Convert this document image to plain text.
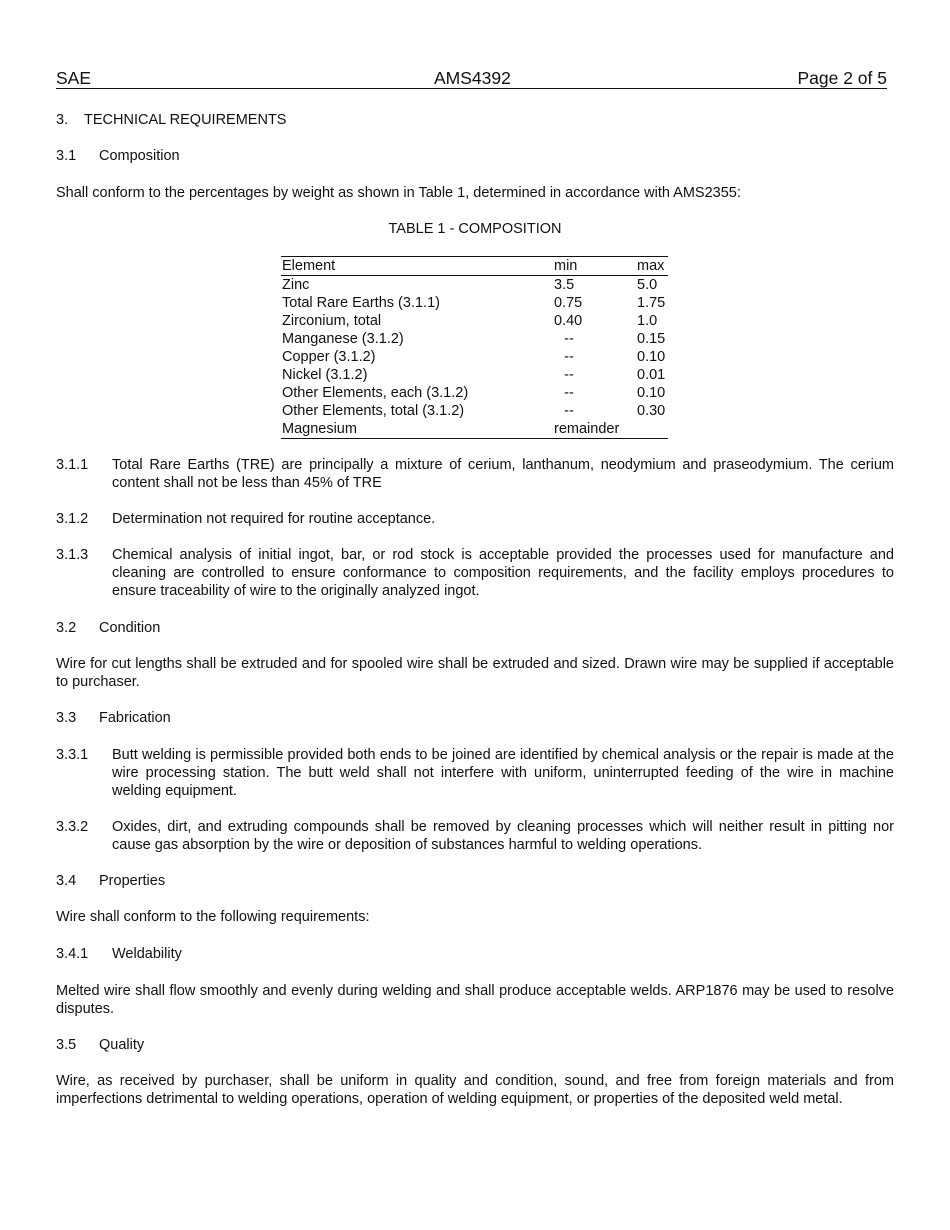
SAE	AMS4392	Page 2 of 5
3. TECHNICAL REQUIREMENTS
3.1 Composition
Shall conform to the percentages by weight as shown in Table 1, determined in accordance with AMS2355:
TABLE 1 - COMPOSITION
Element	min	max
Zinc	3.5	5.0
Total Rare Earths (3.1.1)	0.75	1.75
Zirconium, total	0.40	1.0
Manganese (3.1.2)	--	0.15
Copper (3.1.2)	--	0.10
Nickel (3.1.2)	--	0.01
Other Elements, each (3.1.2)	--	0.10
Other Elements, total (3.1.2)	--	0.30
Magnesium	remainder	
3.1.1 Total Rare Earths (TRE) are principally a mixture of cerium, lanthanum, neodymium and praseodymium. The cerium content shall not be less than 45% of TRE
3.1.2 Determination not required for routine acceptance.
3.1.3 Chemical analysis of initial ingot, bar, or rod stock is acceptable provided the processes used for manufacture and cleaning are controlled to ensure conformance to composition requirements, and the facility employs procedures to ensure traceability of wire to the originally analyzed ingot.
3.2 Condition
Wire for cut lengths shall be extruded and for spooled wire shall be extruded and sized. Drawn wire may be supplied if acceptable to purchaser.
3.3 Fabrication
3.3.1 Butt welding is permissible provided both ends to be joined are identified by chemical analysis or the repair is made at the wire processing station. The butt weld shall not interfere with uniform, uninterrupted feeding of the wire in machine welding equipment.
3.3.2 Oxides, dirt, and extruding compounds shall be removed by cleaning processes which will neither result in pitting nor cause gas absorption by the wire or deposition of substances harmful to welding operations.
3.4 Properties
Wire shall conform to the following requirements:
3.4.1 Weldability
Melted wire shall flow smoothly and evenly during welding and shall produce acceptable welds. ARP1876 may be used to resolve disputes.
3.5 Quality
Wire, as received by purchaser, shall be uniform in quality and condition, sound, and free from foreign materials and from imperfections detrimental to welding operations, operation of welding equipment, or properties of the deposited weld metal.
